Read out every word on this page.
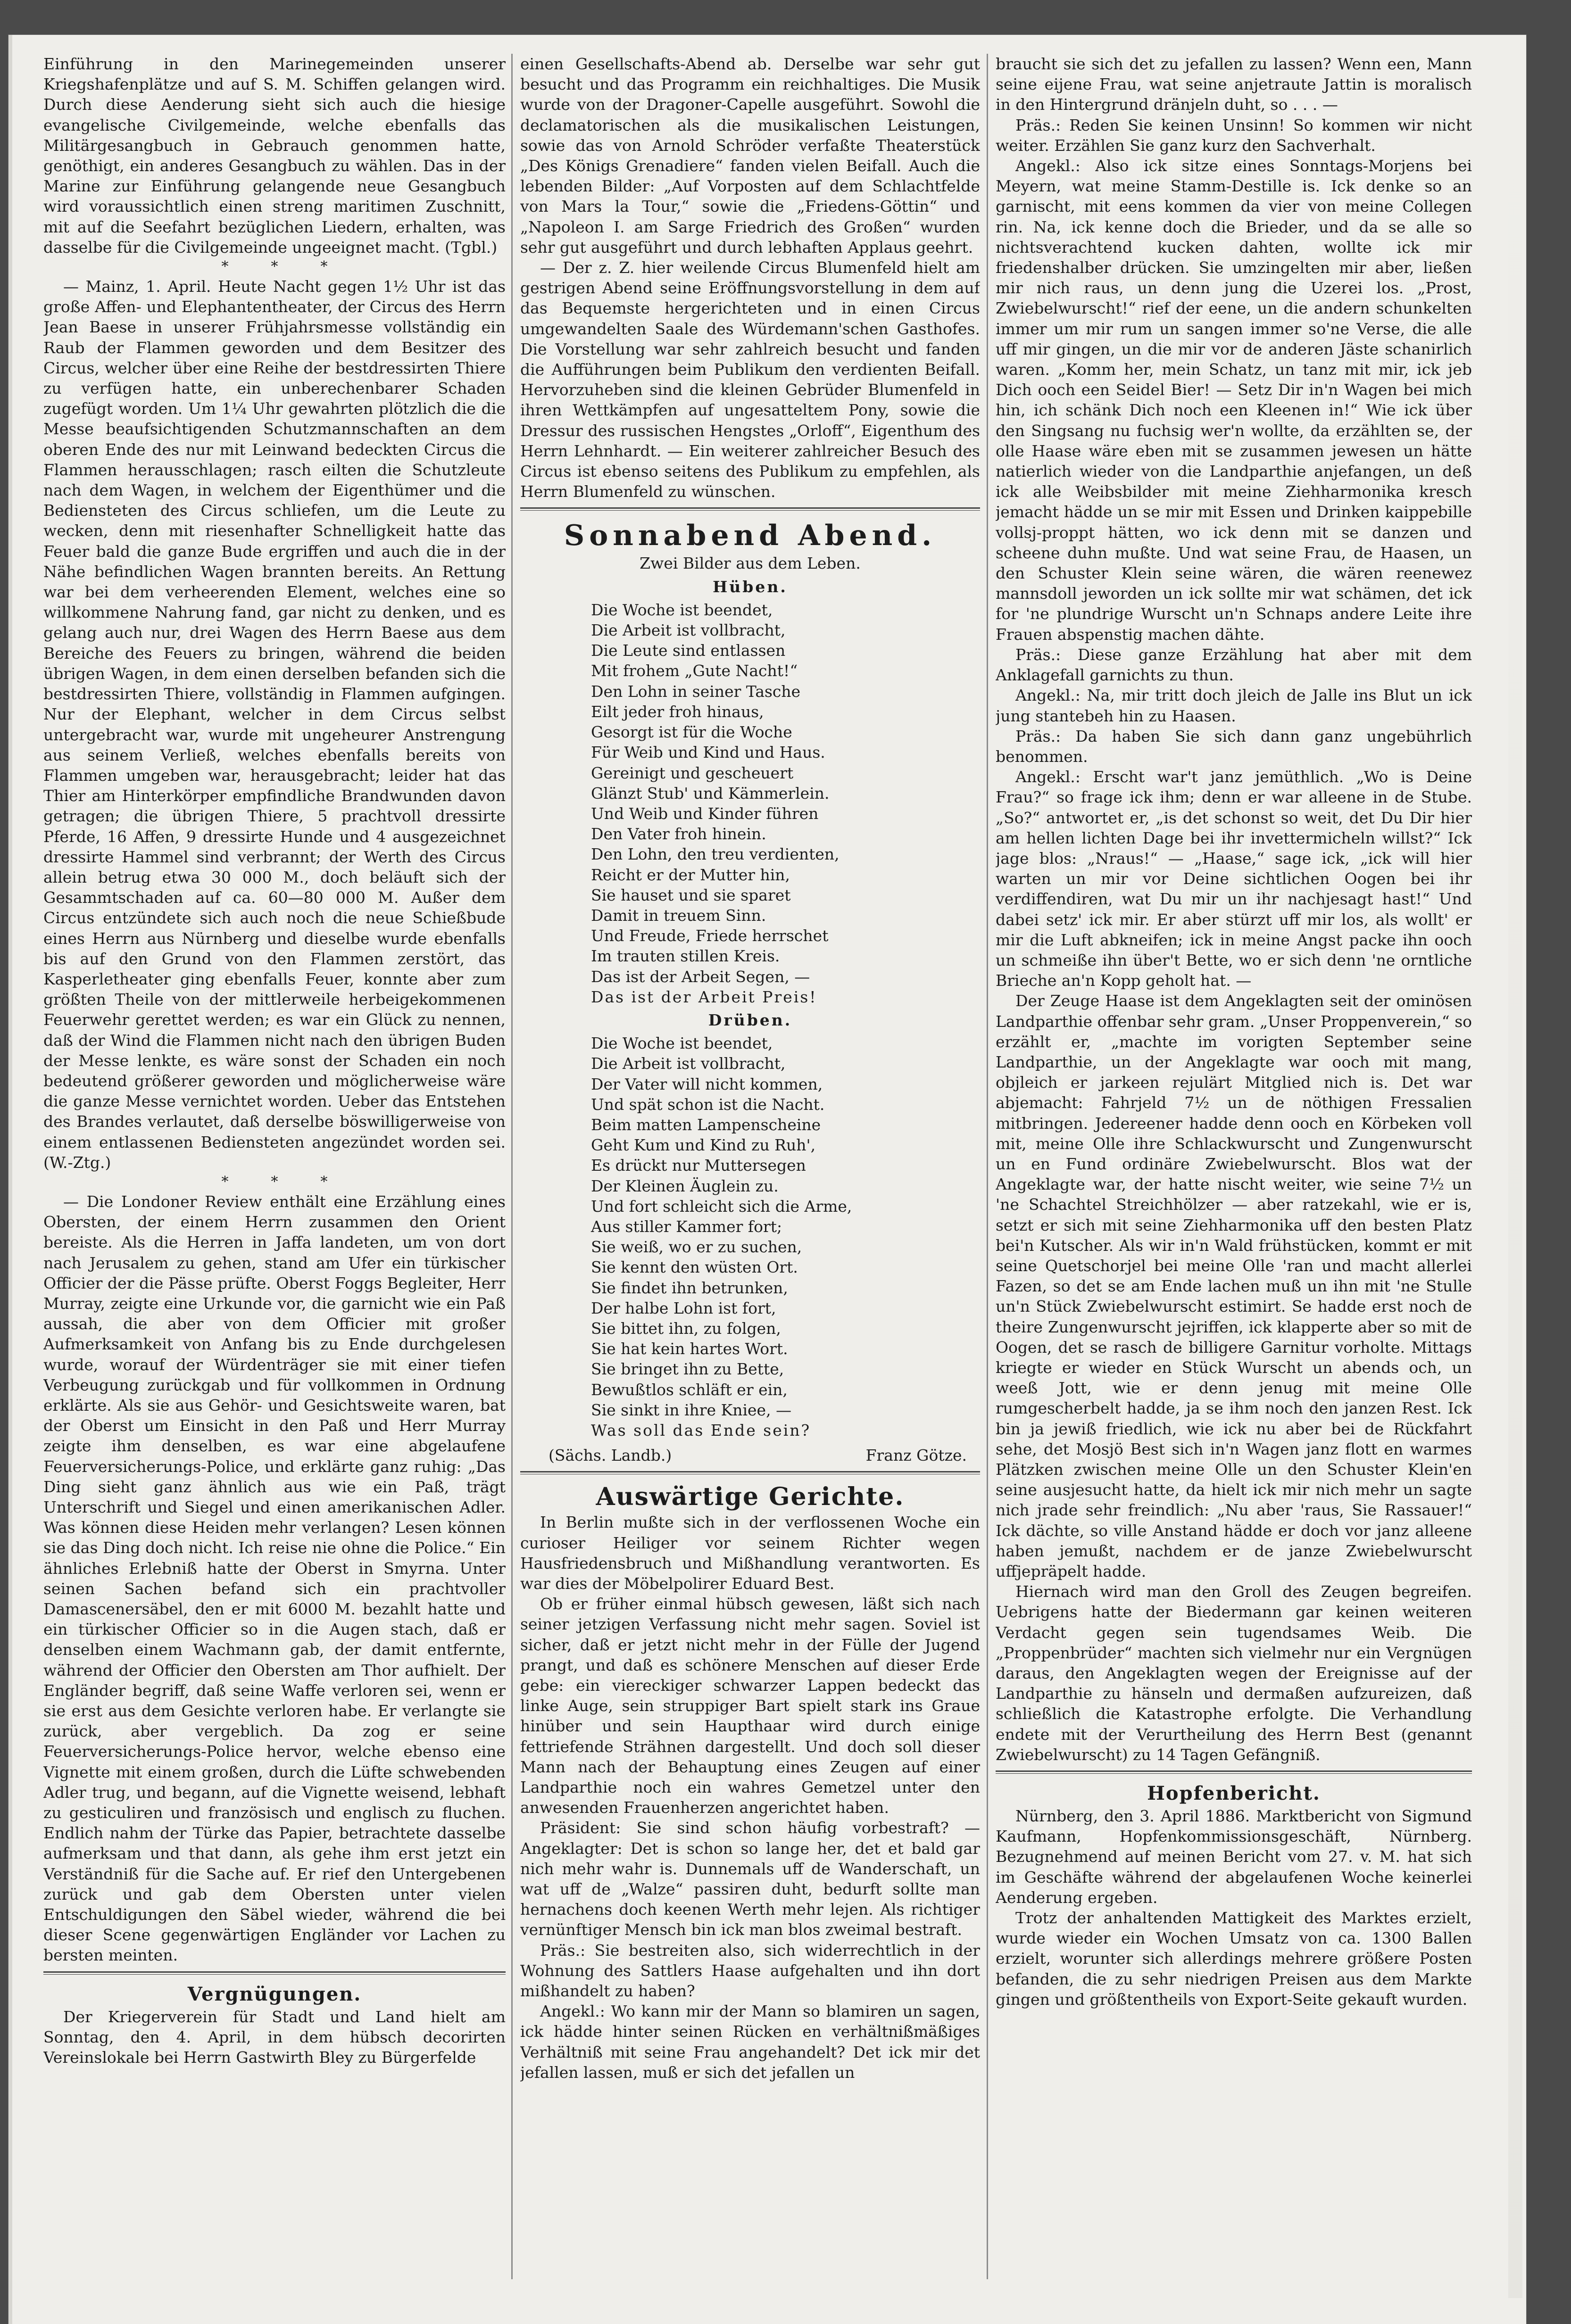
Einführung in den Marinegemeinden unserer Kriegshafenplätze und auf S. M. Schiffen gelangen wird. Durch diese Aenderung sieht sich auch die hiesige evangelische Civilgemeinde, welche ebenfalls das Militärgesangbuch in Gebrauch genommen hatte, genöthigt, ein anderes Gesangbuch zu wählen. Das in der Marine zur Einführung gelangende neue Gesangbuch wird voraussichtlich einen streng maritimen Zuschnitt, mit auf die Seefahrt bezüglichen Liedern, erhalten, was dasselbe für die Civilgemeinde ungeeignet macht. (Tgbl.)

***

— Mainz, 1. April. Heute Nacht gegen 1½ Uhr ist das große Affen- und Elephantentheater, der Circus des Herrn Jean Baese in unserer Frühjahrsmesse vollständig ein Raub der Flammen geworden und dem Besitzer des Circus, welcher über eine Reihe der bestdressirten Thiere zu verfügen hatte, ein unberechenbarer Schaden zugefügt worden. Um 1¼ Uhr gewahrten plötzlich die die Messe beaufsichtigenden Schutzmannschaften an dem oberen Ende des nur mit Leinwand bedeckten Circus die Flammen herausschlagen; rasch eilten die Schutzleute nach dem Wagen, in welchem der Eigenthümer und die Bediensteten des Circus schliefen, um die Leute zu wecken, denn mit riesenhafter Schnelligkeit hatte das Feuer bald die ganze Bude ergriffen und auch die in der Nähe befindlichen Wagen brannten bereits. An Rettung war bei dem verheerenden Element, welches eine so willkommene Nahrung fand, gar nicht zu denken, und es gelang auch nur, drei Wagen des Herrn Baese aus dem Bereiche des Feuers zu bringen, während die beiden übrigen Wagen, in dem einen derselben befanden sich die bestdressirten Thiere, vollständig in Flammen aufgingen. Nur der Elephant, welcher in dem Circus selbst untergebracht war, wurde mit ungeheurer Anstrengung aus seinem Verließ, welches ebenfalls bereits von Flammen umgeben war, herausgebracht; leider hat das Thier am Hinterkörper empfindliche Brandwunden davon getragen; die übrigen Thiere, 5 prachtvoll dressirte Pferde, 16 Affen, 9 dressirte Hunde und 4 ausgezeichnet dressirte Hammel sind verbrannt; der Werth des Circus allein betrug etwa 30 000 M., doch beläuft sich der Gesammtschaden auf ca. 60—80 000 M. Außer dem Circus entzündete sich auch noch die neue Schießbude eines Herrn aus Nürnberg und dieselbe wurde ebenfalls bis auf den Grund von den Flammen zerstört, das Kasperletheater ging ebenfalls Feuer, konnte aber zum größten Theile von der mittlerweile herbeigekommenen Feuerwehr gerettet werden; es war ein Glück zu nennen, daß der Wind die Flammen nicht nach den übrigen Buden der Messe lenkte, es wäre sonst der Schaden ein noch bedeutend größerer geworden und möglicherweise wäre die ganze Messe vernichtet worden. Ueber das Entstehen des Brandes verlautet, daß derselbe böswilligerweise von einem entlassenen Bediensteten angezündet worden sei. (W.-Ztg.)

***

— Die Londoner Review enthält eine Erzählung eines Obersten, der einem Herrn zusammen den Orient bereiste. Als die Herren in Jaffa landeten, um von dort nach Jerusalem zu gehen, stand am Ufer ein türkischer Officier der die Pässe prüfte. Oberst Foggs Begleiter, Herr Murray, zeigte eine Urkunde vor, die garnicht wie ein Paß aussah, die aber von dem Officier mit großer Aufmerksamkeit von Anfang bis zu Ende durchgelesen wurde, worauf der Würdenträger sie mit einer tiefen Verbeugung zurückgab und für vollkommen in Ordnung erklärte. Als sie aus Gehör- und Gesichtsweite waren, bat der Oberst um Einsicht in den Paß und Herr Murray zeigte ihm denselben, es war eine abgelaufene Feuerversicherungs-Police, und erklärte ganz ruhig: „Das Ding sieht ganz ähnlich aus wie ein Paß, trägt Unterschrift und Siegel und einen amerikanischen Adler. Was können diese Heiden mehr verlangen? Lesen können sie das Ding doch nicht. Ich reise nie ohne die Police.“ Ein ähnliches Erlebniß hatte der Oberst in Smyrna. Unter seinen Sachen befand sich ein prachtvoller Damascenersäbel, den er mit 6000 M. bezahlt hatte und ein türkischer Officier so in die Augen stach, daß er denselben einem Wachmann gab, der damit entfernte, während der Officier den Obersten am Thor aufhielt. Der Engländer begriff, daß seine Waffe verloren sei, wenn er sie erst aus dem Gesichte verloren habe. Er verlangte sie zurück, aber vergeblich. Da zog er seine Feuerversicherungs-Police hervor, welche ebenso eine Vignette mit einem großen, durch die Lüfte schwebenden Adler trug, und begann, auf die Vignette weisend, lebhaft zu gesticuliren und französisch und englisch zu fluchen. Endlich nahm der Türke das Papier, betrachtete dasselbe aufmerksam und that dann, als gehe ihm erst jetzt ein Verständniß für die Sache auf. Er rief den Untergebenen zurück und gab dem Obersten unter vielen Entschuldigungen den Säbel wieder, während die bei dieser Scene gegenwärtigen Engländer vor Lachen zu bersten meinten.

Vergnügungen.

Der Kriegerverein für Stadt und Land hielt am Sonntag, den 4. April, in dem hübsch decorirten Vereinslokale bei Herrn Gastwirth Bley zu Bürgerfelde

einen Gesellschafts-Abend ab. Derselbe war sehr gut besucht und das Programm ein reichhaltiges. Die Musik wurde von der Dragoner-Capelle ausgeführt. Sowohl die declamatorischen als die musikalischen Leistungen, sowie das von Arnold Schröder verfaßte Theaterstück „Des Königs Grenadiere“ fanden vielen Beifall. Auch die lebenden Bilder: „Auf Vorposten auf dem Schlachtfelde von Mars la Tour,“ sowie die „Friedens-Göttin“ und „Napoleon I. am Sarge Friedrich des Großen“ wurden sehr gut ausgeführt und durch lebhaften Applaus geehrt.

— Der z. Z. hier weilende Circus Blumenfeld hielt am gestrigen Abend seine Eröffnungsvorstellung in dem auf das Bequemste hergerichteten und in einen Circus umgewandelten Saale des Würdemann'schen Gasthofes. Die Vorstellung war sehr zahlreich besucht und fanden die Aufführungen beim Publikum den verdienten Beifall. Hervorzuheben sind die kleinen Gebrüder Blumenfeld in ihren Wettkämpfen auf ungesatteltem Pony, sowie die Dressur des russischen Hengstes „Orloff“, Eigenthum des Herrn Lehnhardt. — Ein weiterer zahlreicher Besuch des Circus ist ebenso seitens des Publikum zu empfehlen, als Herrn Blumenfeld zu wünschen.

Sonnabend Abend.
Zwei Bilder aus dem Leben.
Hüben.
Die Woche ist beendet,
Die Arbeit ist vollbracht,
Die Leute sind entlassen
Mit frohem „Gute Nacht!“
Den Lohn in seiner Tasche
Eilt jeder froh hinaus,
Gesorgt ist für die Woche
Für Weib und Kind und Haus.
Gereinigt und gescheuert
Glänzt Stub' und Kämmerlein.
Und Weib und Kinder führen
Den Vater froh hinein.
Den Lohn, den treu verdienten,
Reicht er der Mutter hin,
Sie hauset und sie sparet
Damit in treuem Sinn.
Und Freude, Friede herrschet
Im trauten stillen Kreis.
Das ist der Arbeit Segen, —
Das ist der Arbeit Preis!
Drüben.
Die Woche ist beendet,
Die Arbeit ist vollbracht,
Der Vater will nicht kommen,
Und spät schon ist die Nacht.
Beim matten Lampenscheine
Geht Kum und Kind zu Ruh',
Es drückt nur Muttersegen
Der Kleinen Äuglein zu.
Und fort schleicht sich die Arme,
Aus stiller Kammer fort;
Sie weiß, wo er zu suchen,
Sie kennt den wüsten Ort.
Sie findet ihn betrunken,
Der halbe Lohn ist fort,
Sie bittet ihn, zu folgen,
Sie hat kein hartes Wort.
Sie bringet ihn zu Bette,
Bewußtlos schläft er ein,
Sie sinkt in ihre Kniee, —
Was soll das Ende sein?
(Sächs. Landb.)	Franz Götze.
Auswärtige Gerichte.

In Berlin mußte sich in der verflossenen Woche ein curioser Heiliger vor seinem Richter wegen Hausfriedensbruch und Mißhandlung verantworten. Es war dies der Möbelpolirer Eduard Best.

Ob er früher einmal hübsch gewesen, läßt sich nach seiner jetzigen Verfassung nicht mehr sagen. Soviel ist sicher, daß er jetzt nicht mehr in der Fülle der Jugend prangt, und daß es schönere Menschen auf dieser Erde gebe: ein viereckiger schwarzer Lappen bedeckt das linke Auge, sein struppiger Bart spielt stark ins Graue hinüber und sein Haupthaar wird durch einige fettriefende Strähnen dargestellt. Und doch soll dieser Mann nach der Behauptung eines Zeugen auf einer Landparthie noch ein wahres Gemetzel unter den anwesenden Frauenherzen angerichtet haben.

Präsident: Sie sind schon häufig vorbestraft? — Angeklagter: Det is schon so lange her, det et bald gar nich mehr wahr is. Dunnemals uff de Wanderschaft, un wat uff de „Walze“ passiren duht, bedurft sollte man hernachens doch keenen Werth mehr lejen. Als richtiger vernünftiger Mensch bin ick man blos zweimal bestraft.

Präs.: Sie bestreiten also, sich widerrechtlich in der Wohnung des Sattlers Haase aufgehalten und ihn dort mißhandelt zu haben?

Angekl.: Wo kann mir der Mann so blamiren un sagen, ick hädde hinter seinen Rücken en verhältnißmäßiges Verhältniß mit seine Frau angehandelt? Det ick mir det jefallen lassen, muß er sich det jefallen un

braucht sie sich det zu jefallen zu lassen? Wenn een, Mann seine eijene Frau, wat seine anjetraute Jattin is moralisch in den Hintergrund dränjeln duht, so . . . —

Präs.: Reden Sie keinen Unsinn! So kommen wir nicht weiter. Erzählen Sie ganz kurz den Sachverhalt.

Angekl.: Also ick sitze eines Sonntags-Morjens bei Meyern, wat meine Stamm-Destille is. Ick denke so an garnischt, mit eens kommen da vier von meine Collegen rin. Na, ick kenne doch die Brieder, und da se alle so nichtsverachtend kucken dahten, wollte ick mir friedenshalber drücken. Sie umzingelten mir aber, ließen mir nich raus, un denn jung die Uzerei los. „Prost, Zwiebelwurscht!“ rief der eene, un die andern schunkelten immer um mir rum un sangen immer so'ne Verse, die alle uff mir gingen, un die mir vor de anderen Jäste schanirlich waren. „Komm her, mein Schatz, un tanz mit mir, ick jeb Dich ooch een Seidel Bier! — Setz Dir in'n Wagen bei mich hin, ich schänk Dich noch een Kleenen in!“ Wie ick über den Singsang nu fuchsig wer'n wollte, da erzählten se, der olle Haase wäre eben mit se zusammen jewesen un hätte natierlich wieder von die Landparthie anjefangen, un deß ick alle Weibsbilder mit meine Ziehharmonika kresch jemacht hädde un se mir mit Essen und Drinken kaippebille vollsj-proppt hätten, wo ick denn mit se danzen und scheene duhn mußte. Und wat seine Frau, de Haasen, un den Schuster Klein seine wären, die wären reenewez mannsdoll jeworden un ick sollte mir wat schämen, det ick for 'ne plundrige Wurscht un'n Schnaps andere Leite ihre Frauen abspenstig machen dähte.

Präs.: Diese ganze Erzählung hat aber mit dem Anklagefall garnichts zu thun.

Angekl.: Na, mir tritt doch jleich de Jalle ins Blut un ick jung stantebeh hin zu Haasen.

Präs.: Da haben Sie sich dann ganz ungebührlich benommen.

Angekl.: Erscht war't janz jemüthlich. „Wo is Deine Frau?“ so frage ick ihm; denn er war alleene in de Stube. „So?“ antwortet er, „is det schonst so weit, det Du Dir hier am hellen lichten Dage bei ihr invettermicheln willst?“ Ick jage blos: „Nraus!“ — „Haase,“ sage ick, „ick will hier warten un mir vor Deine sichtlichen Oogen bei ihr verdiffendiren, wat Du mir un ihr nachjesagt hast!“ Und dabei setz' ick mir. Er aber stürzt uff mir los, als wollt' er mir die Luft abkneifen; ick in meine Angst packe ihn ooch un schmeiße ihn über't Bette, wo er sich denn 'ne orntliche Brieche an'n Kopp geholt hat. —

Der Zeuge Haase ist dem Angeklagten seit der ominösen Landparthie offenbar sehr gram. „Unser Proppenverein,“ so erzählt er, „machte im vorigten September seine Landparthie, un der Angeklagte war ooch mit mang, objleich er jarkeen rejulärt Mitglied nich is. Det war abjemacht: Fahrjeld 7½ un de nöthigen Fressalien mitbringen. Jedereener hadde denn ooch en Körbeken voll mit, meine Olle ihre Schlackwurscht und Zungenwurscht un en Fund ordinäre Zwiebelwurscht. Blos wat der Angeklagte war, der hatte nischt weiter, wie seine 7½ un 'ne Schachtel Streichhölzer — aber ratzekahl, wie er is, setzt er sich mit seine Ziehharmonika uff den besten Platz bei'n Kutscher. Als wir in'n Wald frühstücken, kommt er mit seine Quetschorjel bei meine Olle 'ran und macht allerlei Fazen, so det se am Ende lachen muß un ihn mit 'ne Stulle un'n Stück Zwiebelwurscht estimirt. Se hadde erst noch de theire Zungenwurscht jejriffen, ick klapperte aber so mit de Oogen, det se rasch de billigere Garnitur vorholte. Mittags kriegte er wieder en Stück Wurscht un abends och, un weeß Jott, wie er denn jenug mit meine Olle rumgescherbelt hadde, ja se ihm noch den janzen Rest. Ick bin ja jewiß friedlich, wie ick nu aber bei de Rückfahrt sehe, det Mosjö Best sich in'n Wagen janz flott en warmes Plätzken zwischen meine Olle un den Schuster Klein'en seine ausjesucht hatte, da hielt ick mir nich mehr un sagte nich jrade sehr freindlich: „Nu aber 'raus, Sie Rassauer!“ Ick dächte, so ville Anstand hädde er doch vor janz alleene haben jemußt, nachdem er de janze Zwiebelwurscht uffjepräpelt hadde.

Hiernach wird man den Groll des Zeugen begreifen. Uebrigens hatte der Biedermann gar keinen weiteren Verdacht gegen sein tugendsames Weib. Die „Proppenbrüder“ machten sich vielmehr nur ein Vergnügen daraus, den Angeklagten wegen der Ereignisse auf der Landparthie zu hänseln und dermaßen aufzureizen, daß schließlich die Katastrophe erfolgte. Die Verhandlung endete mit der Verurtheilung des Herrn Best (genannt Zwiebelwurscht) zu 14 Tagen Gefängniß.

Hopfenbericht.

Nürnberg, den 3. April 1886. Marktbericht von Sigmund Kaufmann, Hopfenkommissionsgeschäft, Nürnberg. Bezugnehmend auf meinen Bericht vom 27. v. M. hat sich im Geschäfte während der abgelaufenen Woche keinerlei Aenderung ergeben.

Trotz der anhaltenden Mattigkeit des Marktes erzielt, wurde wieder ein Wochen Umsatz von ca. 1300 Ballen erzielt, worunter sich allerdings mehrere größere Posten befanden, die zu sehr niedrigen Preisen aus dem Markte gingen und größtentheils von Export-Seite gekauft wurden.
